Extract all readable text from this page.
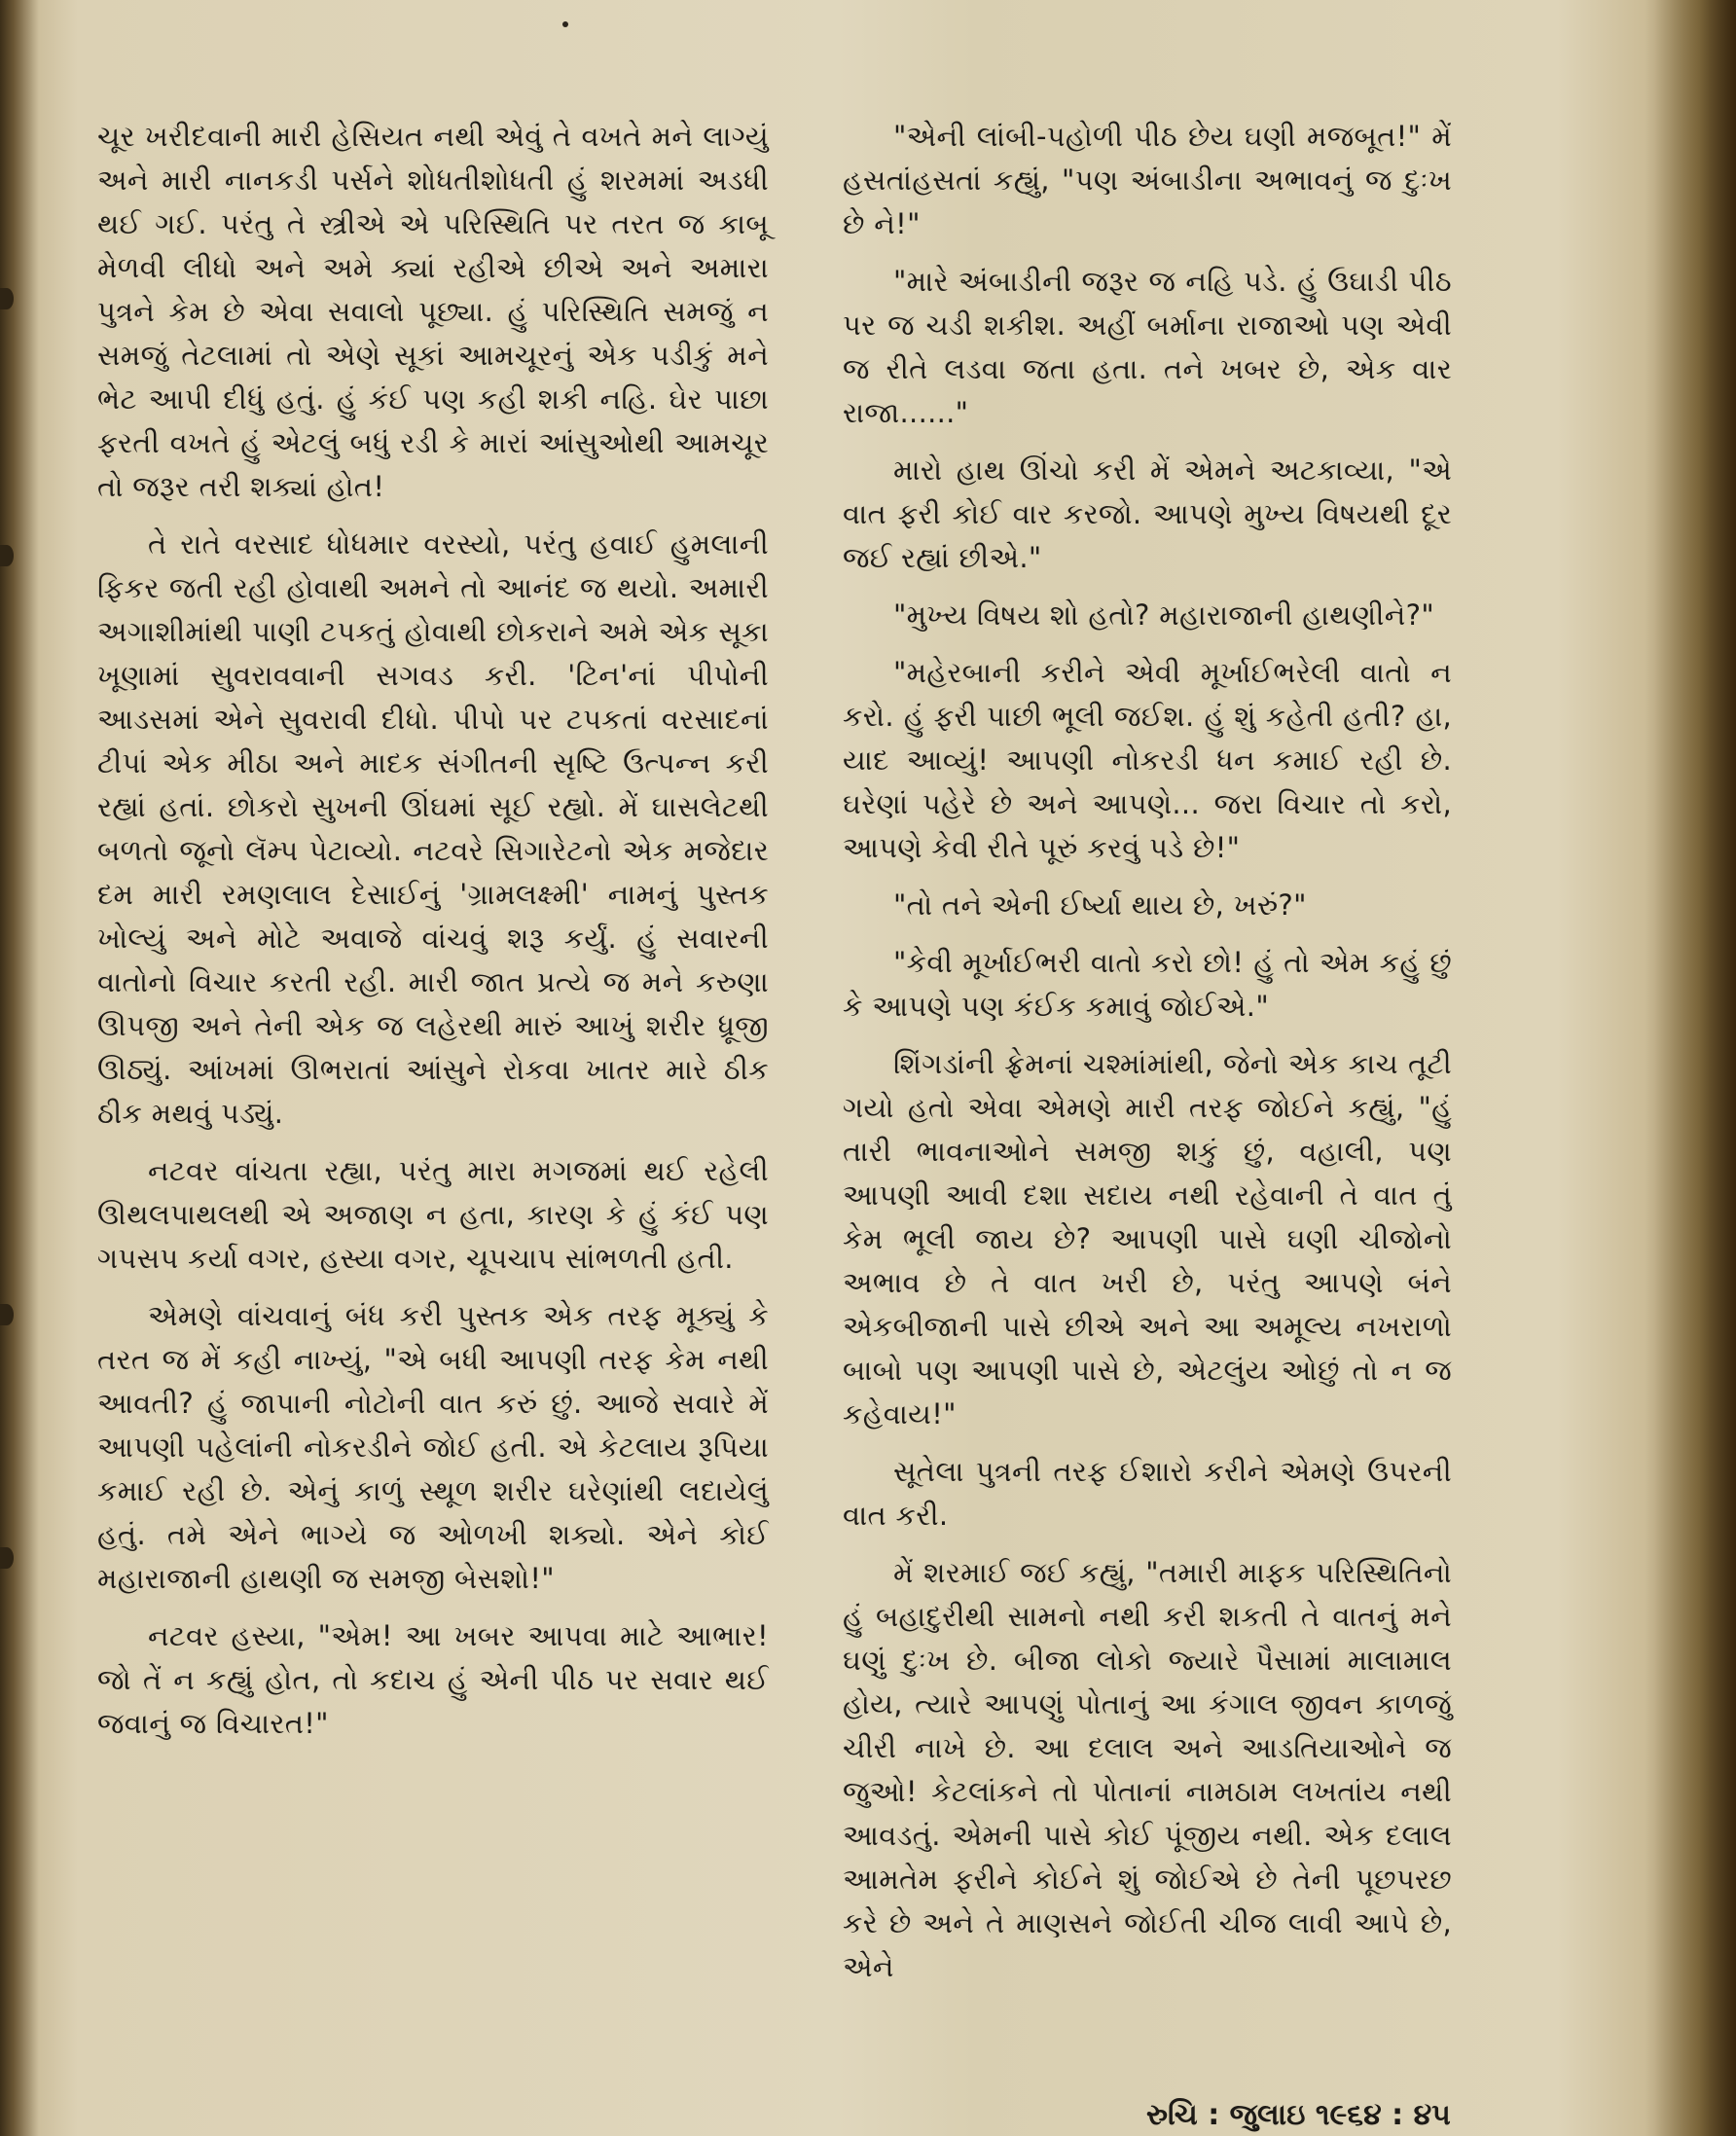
ચૂર ખરીદવાની મારી હેસિયત નથી એવું તે વખતે મને લાગ્યું અને મારી નાનકડી પર્સને શોધતીશોધતી હું શરમમાં અડધી થઈ ગઈ. પરંતુ તે સ્ત્રીએ એ પરિસ્થિતિ પર તરત જ કાબૂ મેળવી લીધો અને અમે ક્યાં રહીએ છીએ અને અમારા પુત્રને કેમ છે એવા સવાલો પૂછ્યા. હું પરિસ્થિતિ સમજું ન સમજું તેટલામાં તો એણે સૂકાં આમચૂરનું એક પડીકું મને ભેટ આપી દીધું હતું. હું કંઈ પણ કહી શકી નહિ. ઘેર પાછા ફરતી વખતે હું એટલું બધું રડી કે મારાં આંસુઓથી આમચૂર તો જરૂર તરી શક્યાં હોત!

તે રાતે વરસાદ ધોધમાર વરસ્યો, પરંતુ હવાઈ હુમલાની ફિકર જતી રહી હોવાથી અમને તો આનંદ જ થયો. અમારી અગાશીમાંથી પાણી ટપકતું હોવાથી છોકરાને અમે એક સૂકા ખૂણામાં સુવરાવવાની સગવડ કરી. 'ટિન'નાં પીપોની આડસમાં એને સુવરાવી દીધો. પીપો પર ટપકતાં વરસાદનાં ટીપાં એક મીઠા અને માદક સંગીતની સૃષ્ટિ ઉત્પન્ન કરી રહ્યાં હતાં. છોકરો સુખની ઊંઘમાં સૂઈ રહ્યો. મેં ઘાસલેટથી બળતો જૂનો લૅમ્પ પેટાવ્યો. નટવરે સિગારેટનો એક મજેદાર દમ મારી રમણલાલ દેસાઈનું 'ગ્રામલક્ષ્મી' નામનું પુસ્તક ખોલ્યું અને મોટે અવાજે વાંચવું શરૂ કર્યું. હું સવારની વાતોનો વિચાર કરતી રહી. મારી જાત પ્રત્યે જ મને કરુણા ઊપજી અને તેની એક જ લહેરથી મારું આખું શરીર ધ્રૂજી ઊઠ્યું. આંખમાં ઊભરાતાં આંસુને રોકવા ખાતર મારે ઠીક ઠીક મથવું પડ્યું.

નટવર વાંચતા રહ્યા, પરંતુ મારા મગજમાં થઈ રહેલી ઊથલપાથલથી એ અજાણ ન હતા, કારણ કે હું કંઈ પણ ગપસપ કર્યા વગર, હસ્યા વગર, ચૂપચાપ સાંભળતી હતી.

એમણે વાંચવાનું બંધ કરી પુસ્તક એક તરફ મૂક્યું કે તરત જ મેં કહી નાખ્યું, "એ બધી આપણી તરફ કેમ નથી આવતી? હું જાપાની નોટોની વાત કરું છું. આજે સવારે મેં આપણી પહેલાંની નોકરડીને જોઈ હતી. એ કેટલાય રૂપિયા કમાઈ રહી છે. એનું કાળું સ્થૂળ શરીર ઘરેણાંથી લદાયેલું હતું. તમે એને ભાગ્યે જ ઓળખી શક્યો. એને કોઈ મહારાજાની હાથણી જ સમજી બેસશો!"

નટવર હસ્યા, "એમ! આ ખબર આપવા માટે આભાર! જો તેં ન કહ્યું હોત, તો કદાચ હું એની પીઠ પર સવાર થઈ જવાનું જ વિચારત!"

"એની લાંબી-પહોળી પીઠ છેય ઘણી મજબૂત!" મેં હસતાંહસતાં કહ્યું, "પણ અંબાડીના અભાવનું જ દુઃખ છે ને!"

"મારે અંબાડીની જરૂર જ નહિ પડે. હું ઉઘાડી પીઠ પર જ ચડી શકીશ. અહીં બર્માના રાજાઓ પણ એવી જ રીતે લડવા જતા હતા. તને ખબર છે, એક વાર રાજા......"

મારો હાથ ઊંચો કરી મેં એમને અટકાવ્યા, "એ વાત ફરી કોઈ વાર કરજો. આપણે મુખ્ય વિષયથી દૂર જઈ રહ્યાં છીએ."

"મુખ્ય વિષય શો હતો? મહારાજાની હાથણીને?"

"મહેરબાની કરીને એવી મૂર્ખાઈભરેલી વાતો ન કરો. હું ફરી પાછી ભૂલી જઈશ. હું શું કહેતી હતી? હા, યાદ આવ્યું! આપણી નોકરડી ધન કમાઈ રહી છે. ઘરેણાં પહેરે છે અને આપણે... જરા વિચાર તો કરો, આપણે કેવી રીતે પૂરું કરવું પડે છે!"

"તો તને એની ઈર્ષ્યા થાય છે, ખરું?"

"કેવી મૂર્ખાઈભરી વાતો કરો છો! હું તો એમ કહું છું કે આપણે પણ કંઈક કમાવું જોઈએ."

શિંગડાંની ફ્રેમનાં ચશ્માંમાંથી, જેનો એક કાચ તૂટી ગયો હતો એવા એમણે મારી તરફ જોઈને કહ્યું, "હું તારી ભાવનાઓને સમજી શકું છું, વહાલી, પણ આપણી આવી દશા સદાય નથી રહેવાની તે વાત તું કેમ ભૂલી જાય છે? આપણી પાસે ઘણી ચીજોનો અભાવ છે તે વાત ખરી છે, પરંતુ આપણે બંને એકબીજાની પાસે છીએ અને આ અમૂલ્ય નખરાળો બાબો પણ આપણી પાસે છે, એટલુંય ઓછું તો ન જ કહેવાય!"

સૂતેલા પુત્રની તરફ ઈશારો કરીને એમણે ઉપરની વાત કરી.

મેં શરમાઈ જઈ કહ્યું, "તમારી માફક પરિસ્થિતિનો હું બહાદુરીથી સામનો નથી કરી શકતી તે વાતનું મને ઘણું દુઃખ છે. બીજા લોકો જ્યારે પૈસામાં માલામાલ હોય, ત્યારે આપણું પોતાનું આ કંગાલ જીવન કાળજું ચીરી નાખે છે. આ દલાલ અને આડતિયાઓને જ જુઓ! કેટલાંકને તો પોતાનાં નામઠામ લખતાંય નથી આવડતું. એમની પાસે કોઈ પૂંજીય નથી. એક દલાલ આમતેમ ફરીને કોઈને શું જોઈએ છે તેની પૂછપરછ કરે છે અને તે માણસને જોઈતી ચીજ લાવી આપે છે, એને

રુચિ : જુલાઇ ૧૯૬૪ : ૪૫
